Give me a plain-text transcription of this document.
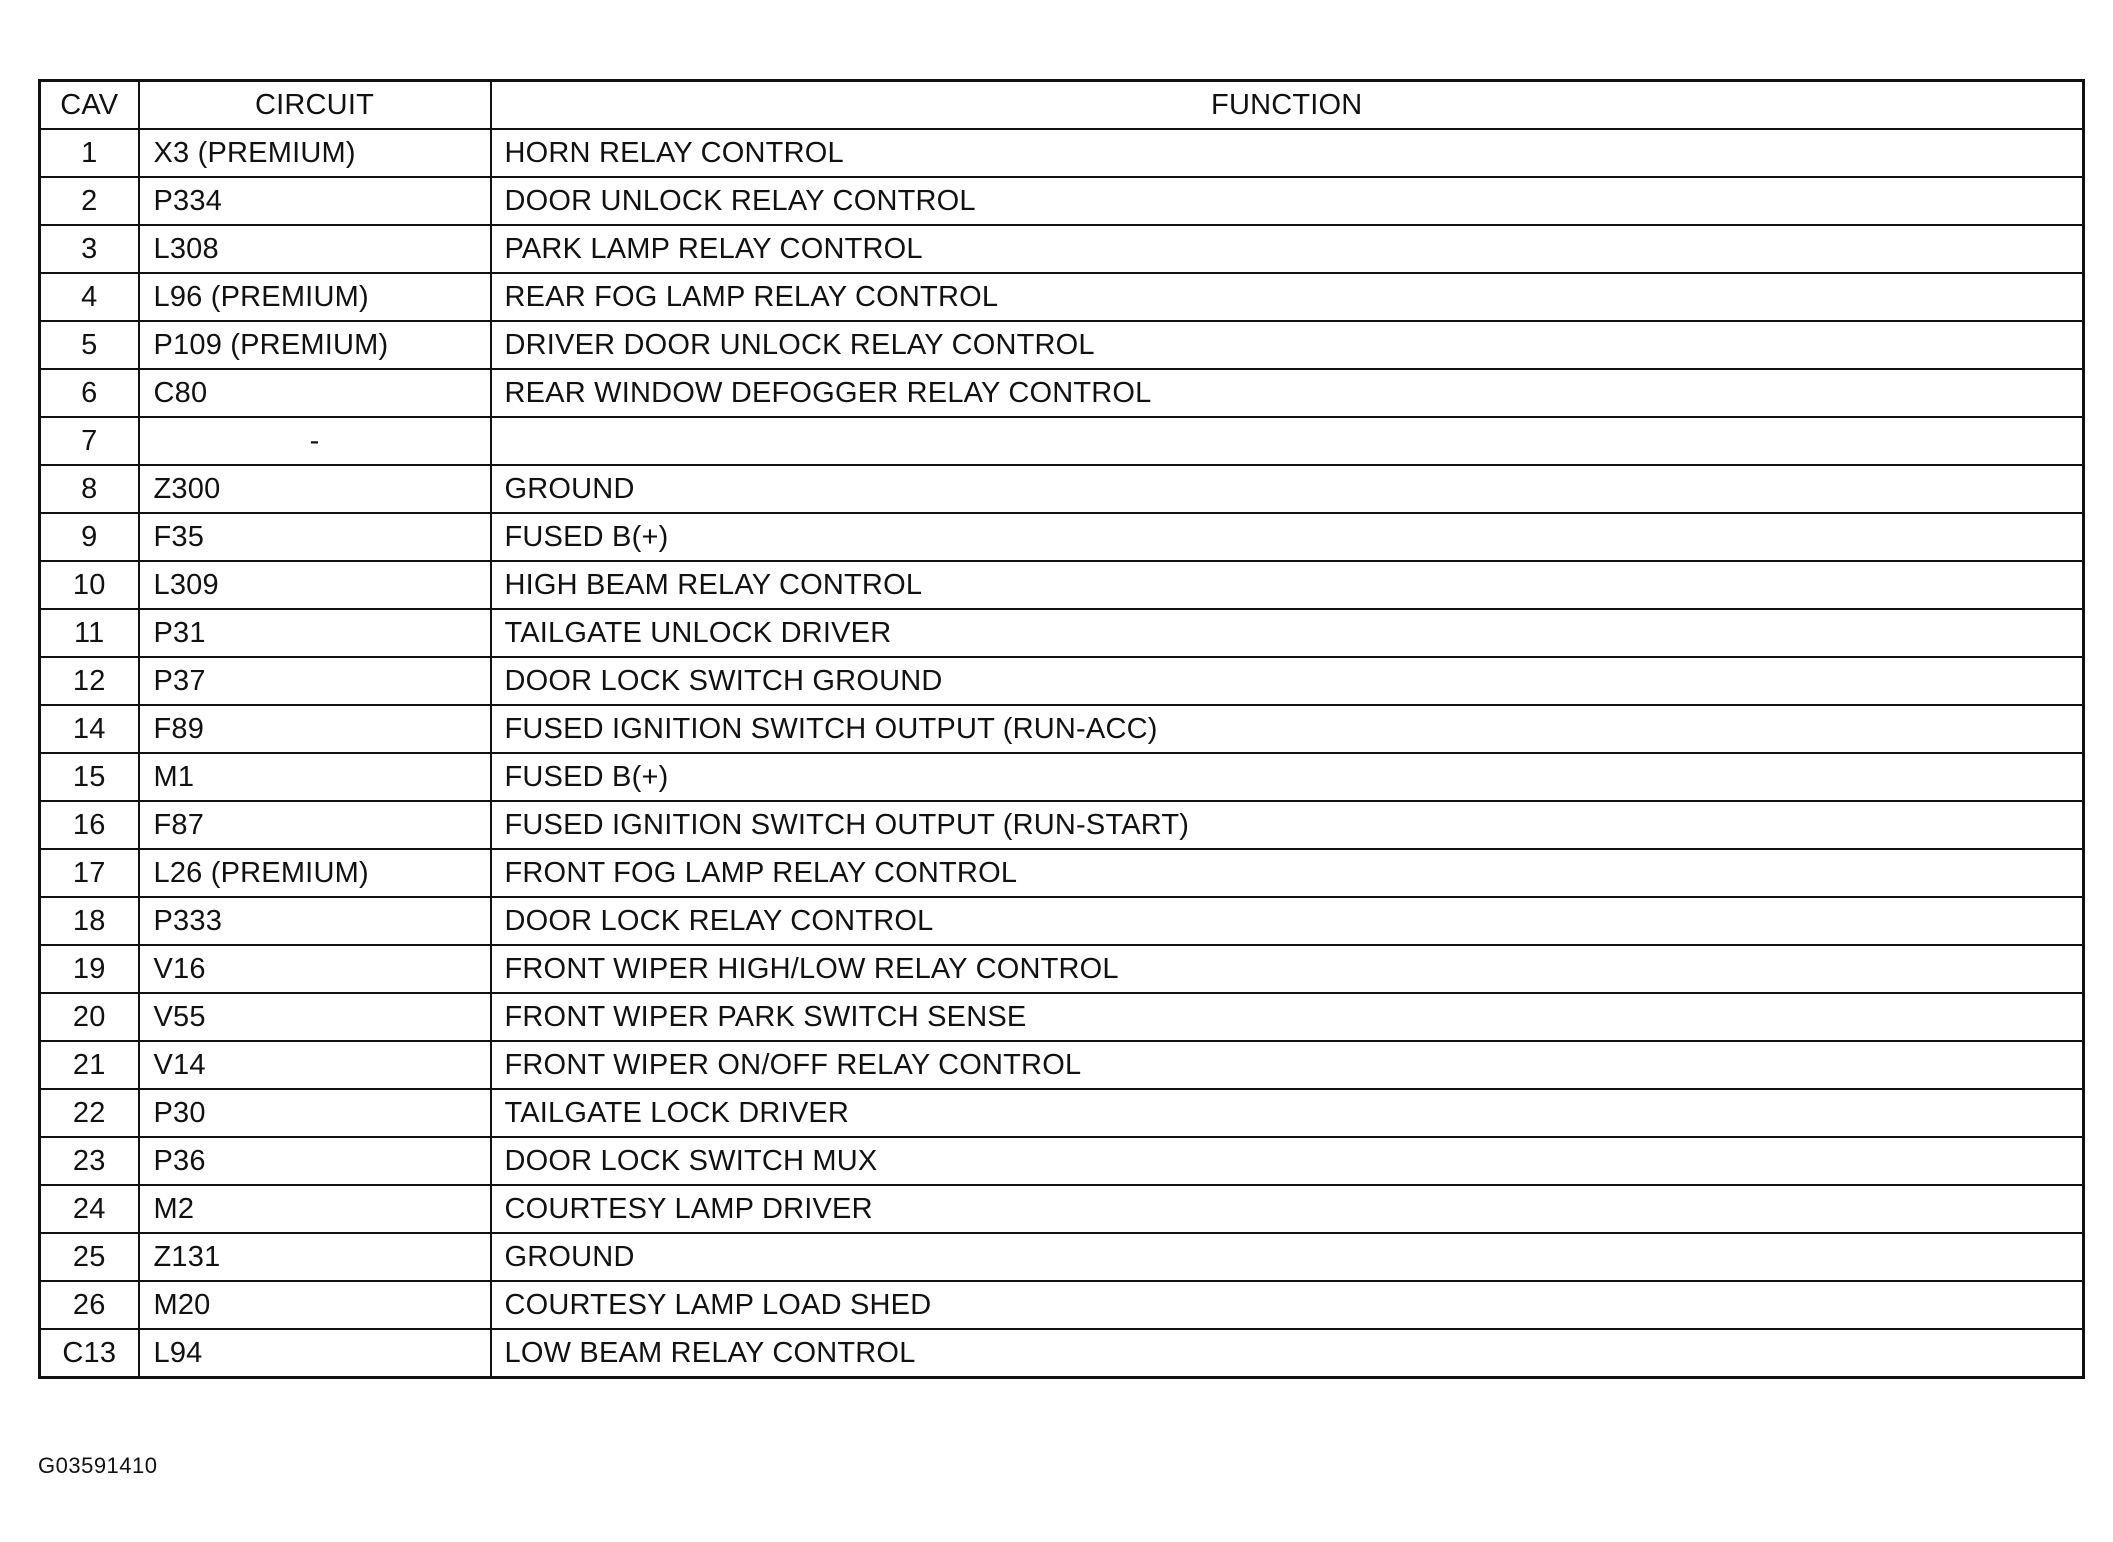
CAV	CIRCUIT	FUNCTION
1	X3 (PREMIUM)	HORN RELAY CONTROL
2	P334	DOOR UNLOCK RELAY CONTROL
3	L308	PARK LAMP RELAY CONTROL
4	L96 (PREMIUM)	REAR FOG LAMP RELAY CONTROL
5	P109 (PREMIUM)	DRIVER DOOR UNLOCK RELAY CONTROL
6	C80	REAR WINDOW DEFOGGER RELAY CONTROL
7	-	
8	Z300	GROUND
9	F35	FUSED B(+)
10	L309	HIGH BEAM RELAY CONTROL
11	P31	TAILGATE UNLOCK DRIVER
12	P37	DOOR LOCK SWITCH GROUND
14	F89	FUSED IGNITION SWITCH OUTPUT (RUN-ACC)
15	M1	FUSED B(+)
16	F87	FUSED IGNITION SWITCH OUTPUT (RUN-START)
17	L26 (PREMIUM)	FRONT FOG LAMP RELAY CONTROL
18	P333	DOOR LOCK RELAY CONTROL
19	V16	FRONT WIPER HIGH/LOW RELAY CONTROL
20	V55	FRONT WIPER PARK SWITCH SENSE
21	V14	FRONT WIPER ON/OFF RELAY CONTROL
22	P30	TAILGATE LOCK DRIVER
23	P36	DOOR LOCK SWITCH MUX
24	M2	COURTESY LAMP DRIVER
25	Z131	GROUND
26	M20	COURTESY LAMP LOAD SHED
C13	L94	LOW BEAM RELAY CONTROL
G03591410
